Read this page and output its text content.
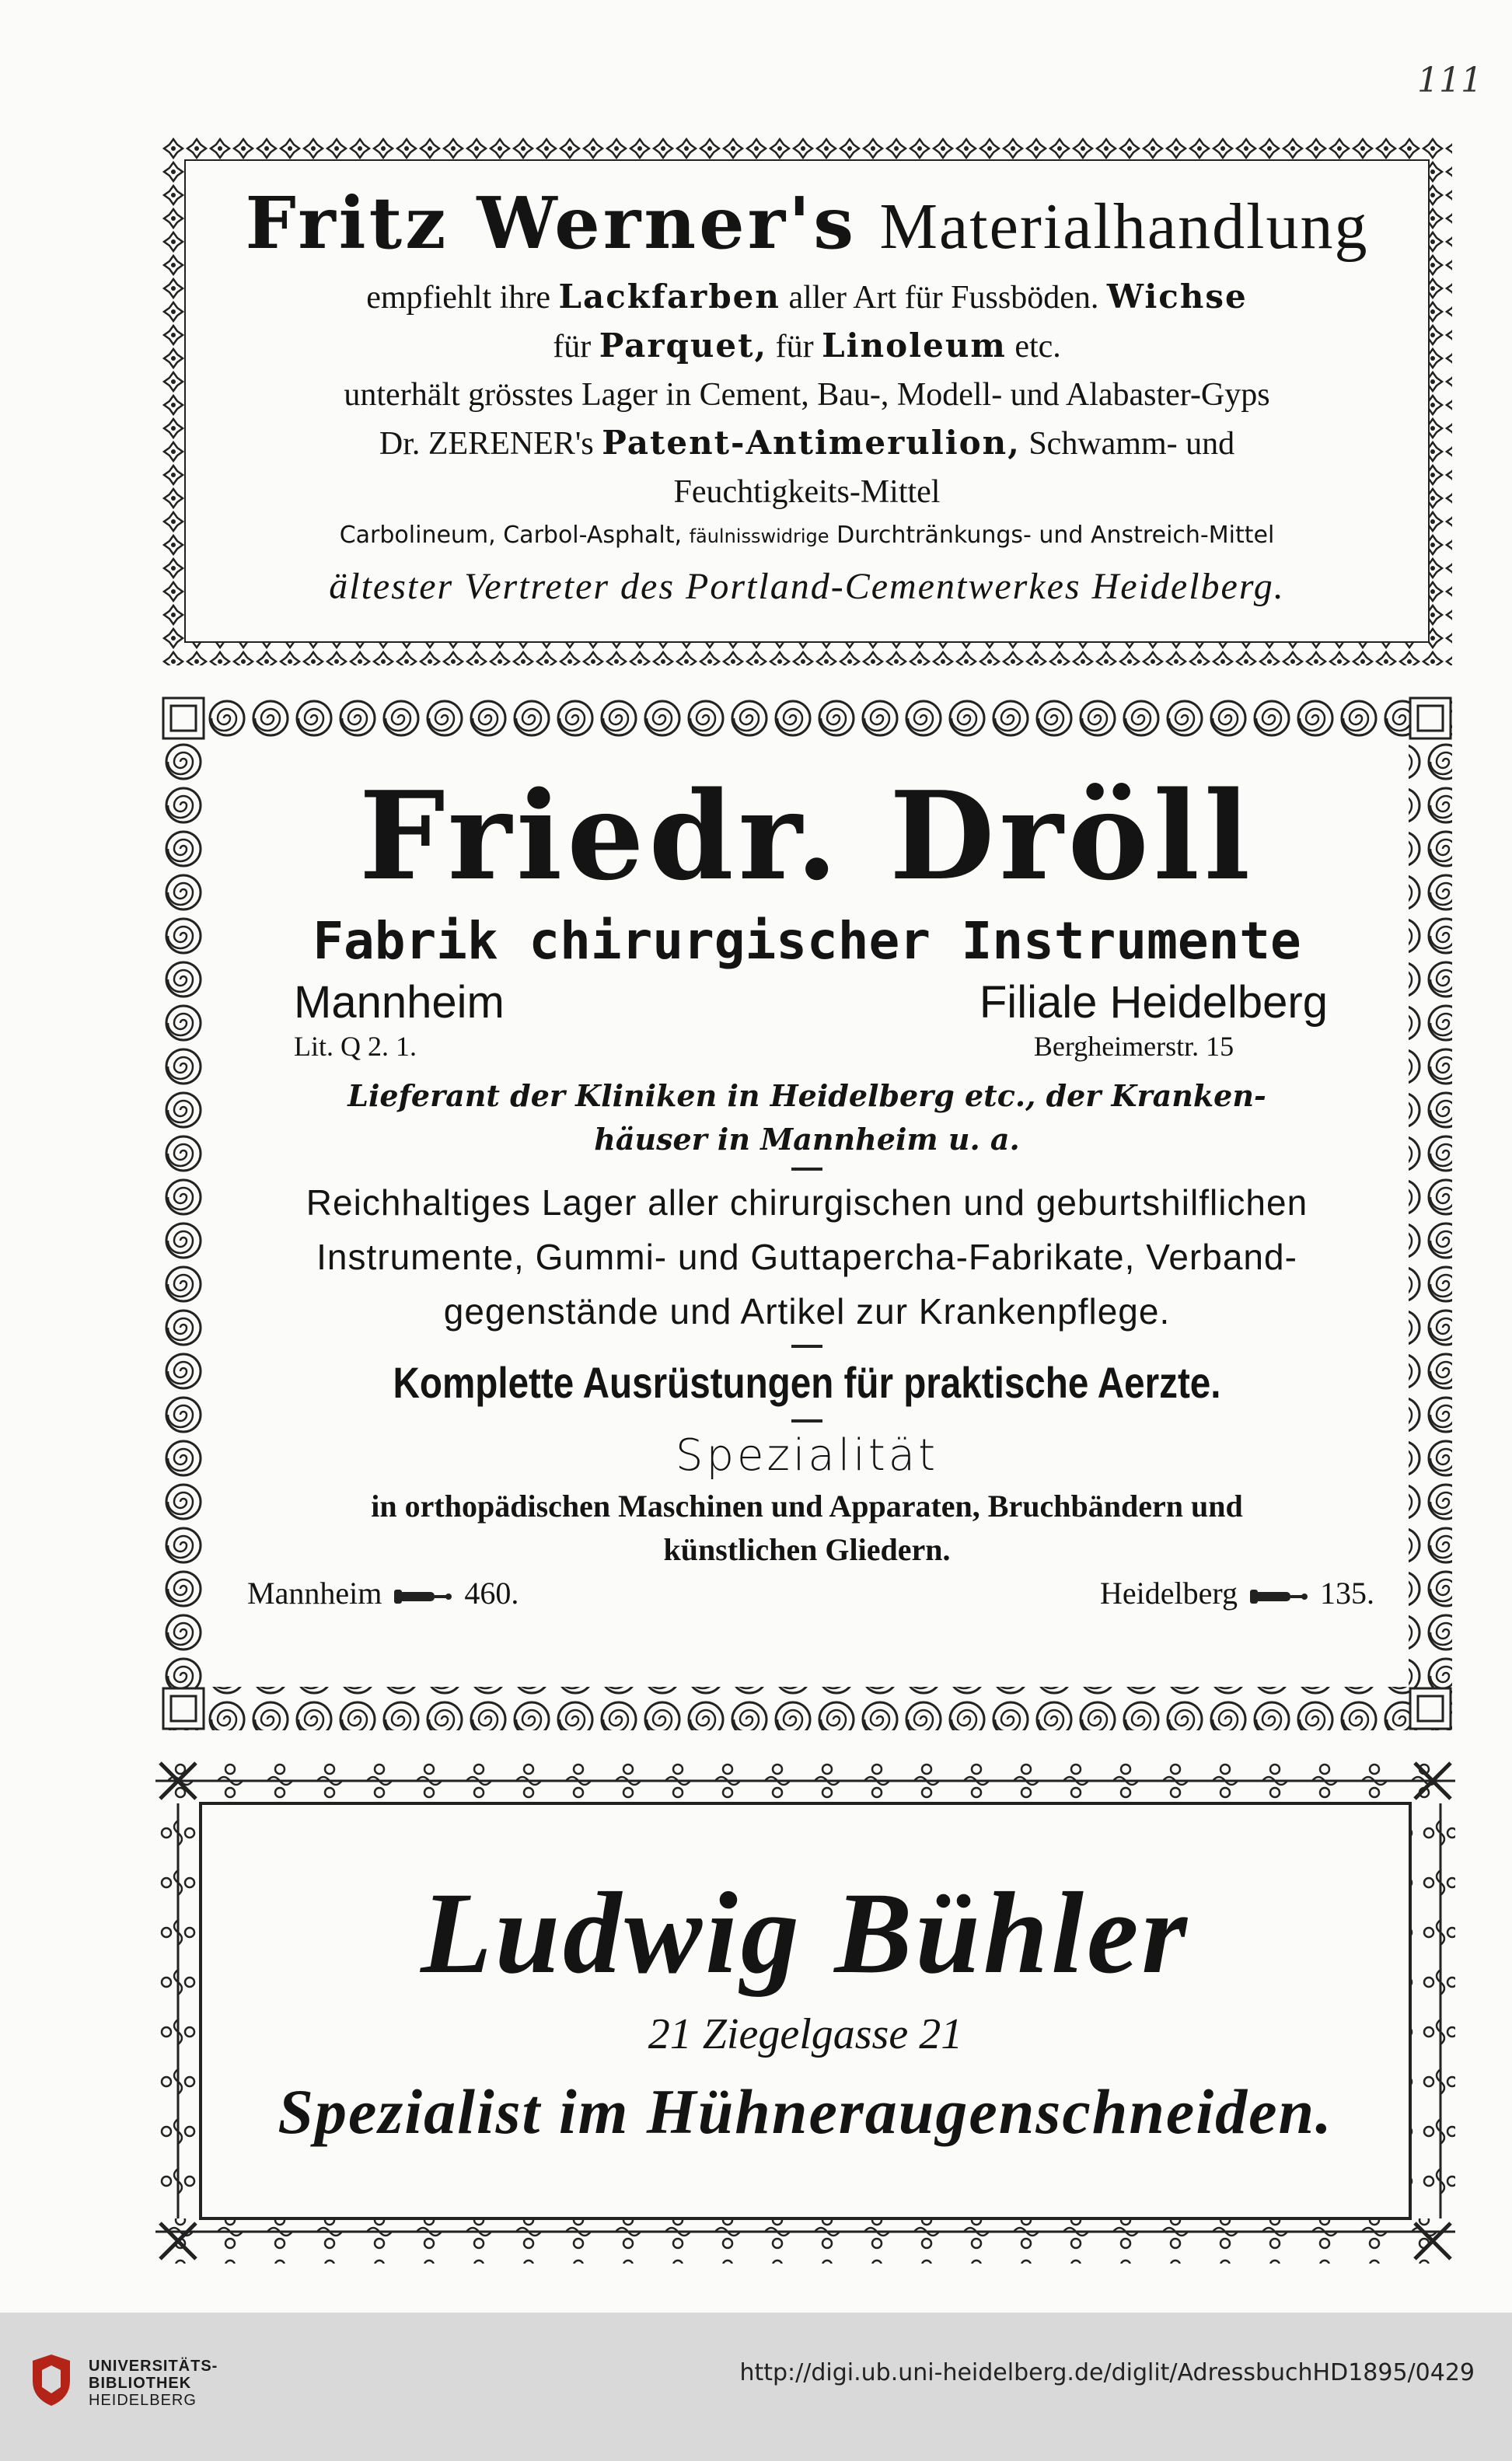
111
Fritz Werner's Materialhandlung
empfiehlt ihre Lackfarben aller Art für Fussböden. Wichse
für Parquet, für Linoleum etc.
unterhält grösstes Lager in Cement, Bau-, Modell- und Alabaster-Gyps
Dr. ZERENER's Patent-Antimerulion, Schwamm- und
Feuchtigkeits-Mittel
Carbolineum, Carbol-Asphalt, fäulnisswidrige Durchtränkungs- und Anstreich-Mittel
ältester Vertreter des Portland-Cementwerkes Heidelberg.
Friedr. Dröll
Fabrik chirurgischer Instrumente
Mannheim
Lit. Q 2. 1.
Filiale Heidelberg
Bergheimerstr. 15
Lieferant der Kliniken in Heidelberg etc., der Kranken-
häuser in Mannheim u. a.
Reichhaltiges Lager aller chirurgischen und geburtshilflichen
Instrumente, Gummi- und Guttapercha-Fabrikate, Verband-
gegenstände und Artikel zur Krankenpflege.
Komplette Ausrüstungen für praktische Aerzte.
Spezialität
in orthopädischen Maschinen und Apparaten, Bruchbändern und
künstlichen Gliedern.
Mannheim	460.	Heidelberg	135.
Ludwig Bühler
21 Ziegelgasse 21
Spezialist im Hühneraugenschneiden.
UNIVERSITÄTS-
BIBLIOTHEK
HEIDELBERG
http://digi.ub.uni-heidelberg.de/diglit/AdressbuchHD1895/0429
